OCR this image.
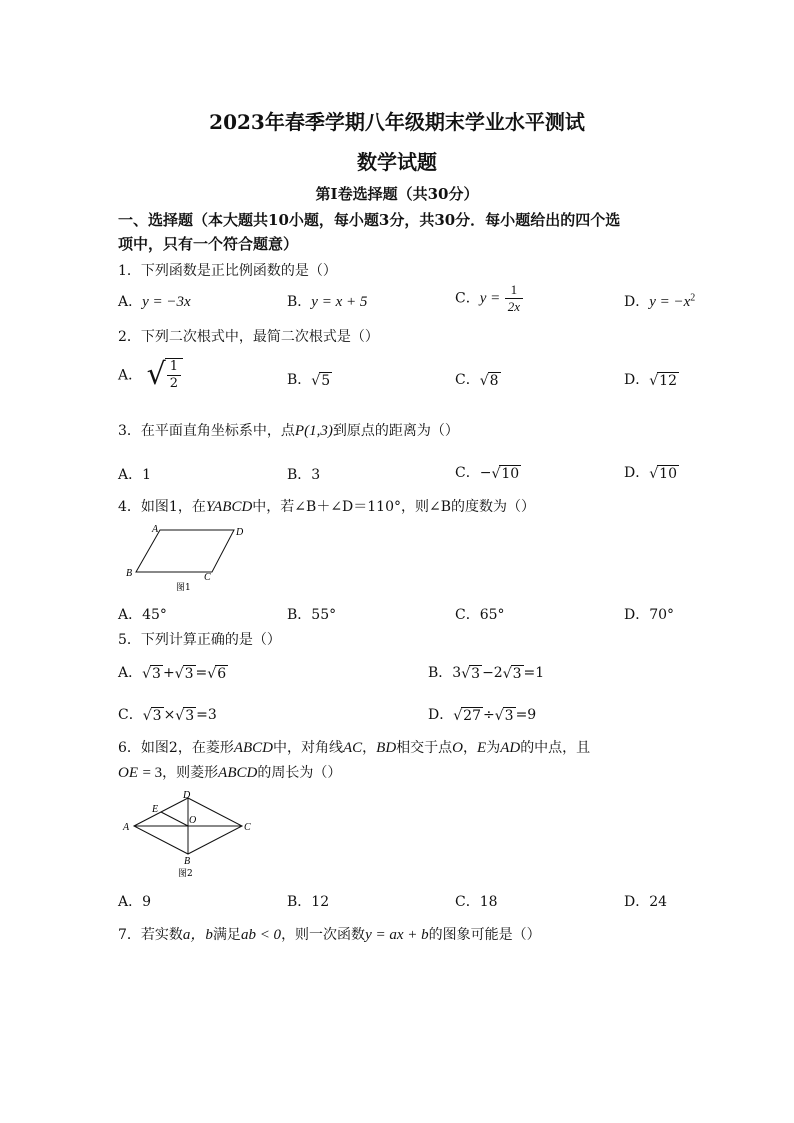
2023年春季学期八年级期末学业水平测试
数学试题
第Ⅰ卷选择题（共30分）
一、选择题（本大题共10小题，每小题3分，共30分．每小题给出的四个选
项中，只有一个符合题意）
1．下列函数是正比例函数的是（）
A．y = −3x	B．y = x + 5	C．$y = \frac{1}{2x}$	D．$y = -x^2$
2．下列二次根式中，最简二次根式是（）
A． √ $\frac{1}{2}$	B．√5	C．√8	D．√12
3．在平面直角坐标系中，点P(1,3)到原点的距离为（）
A．1	B．3	C．−√10	D．√10
4．如图1，在YABCD中，若∠B＋∠D＝110°，则∠B的度数为（）
A	D
B	C
图1
A．45°	B．55°	C．65°	D．70°
5．下列计算正确的是（）
A．√3 +√3 =√6	B．3√3 −2√3 =1
C．√3 ×√3 =3	D．√27 ÷√3 =9
6．如图2，在菱形ABCD中，对角线AC，BD相交于点O，E为AD的中点，且
OE = 3，则菱形ABCD的周长为（）
A
D
C
B
E
O
图2
A．9	B．12	C．18	D．24
7．若实数a，b满足ab < 0，则一次函数y = ax + b的图象可能是（）
